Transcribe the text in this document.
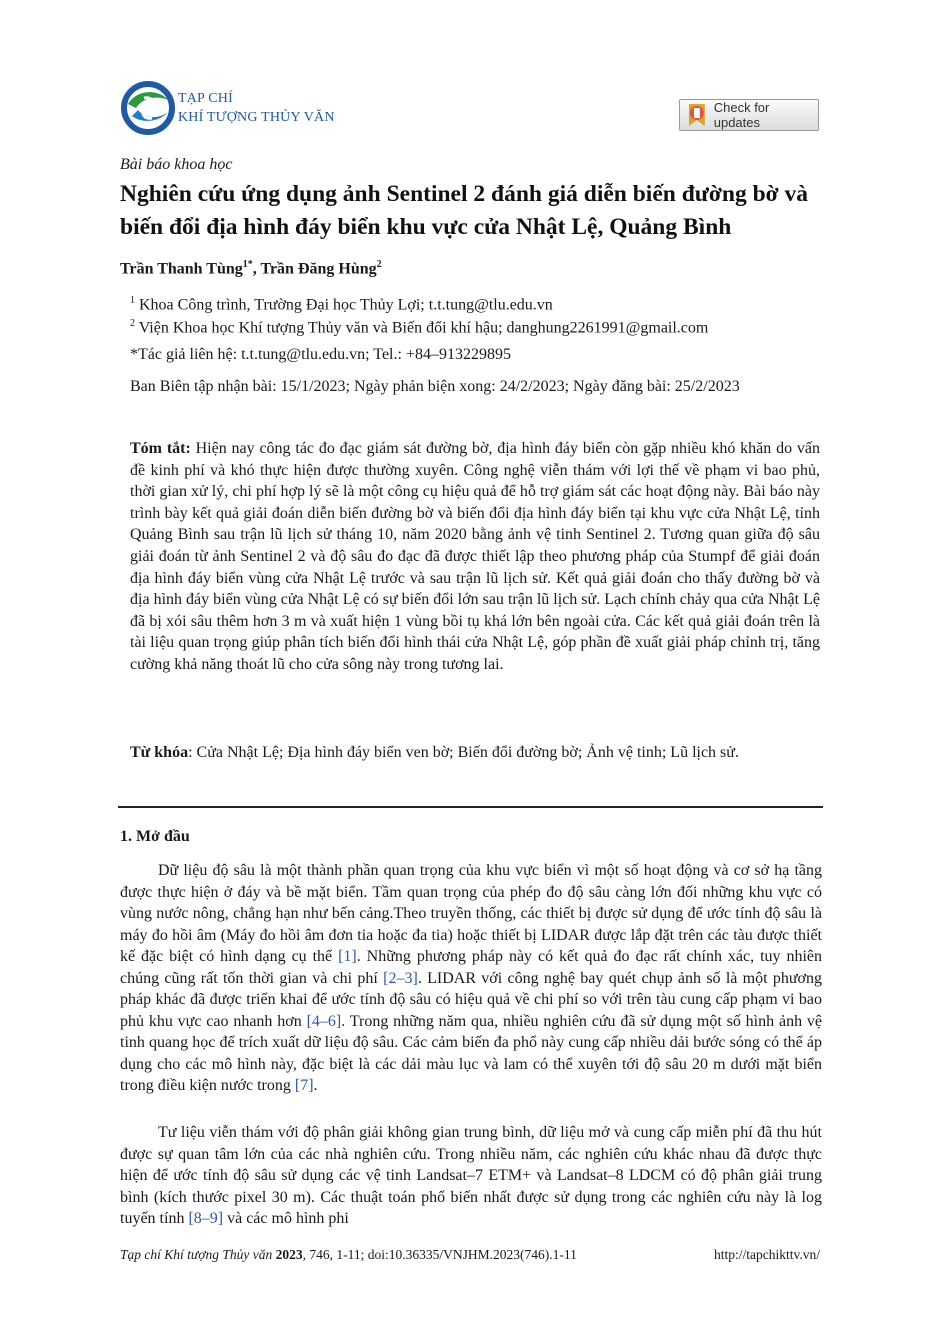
TẠP CHÍ
KHÍ TƯỢNG THỦY VĂN
Check for updates
Bài báo khoa học
Nghiên cứu ứng dụng ảnh Sentinel 2 đánh giá diễn biến đường bờ và biến đổi địa hình đáy biển khu vực cửa Nhật Lệ, Quảng Bình
Trần Thanh Tùng$^{1*}$, Trần Đăng Hùng$^2$
$^1$ Khoa Công trình, Trường Đại học Thủy Lợi; t.t.tung@tlu.edu.vn
$^2$ Viện Khoa học Khí tượng Thủy văn và Biến đổi khí hậu; danghung2261991@gmail.com
*Tác giả liên hệ: t.t.tung@tlu.edu.vn; Tel.: +84–913229895
Ban Biên tập nhận bài: 15/1/2023; Ngày phản biện xong: 24/2/2023; Ngày đăng bài: 25/2/2023
Tóm tắt: Hiện nay công tác đo đạc giám sát đường bờ, địa hình đáy biển còn gặp nhiều khó khăn do vấn đề kinh phí và khó thực hiện được thường xuyên. Công nghệ viễn thám với lợi thế về phạm vi bao phủ, thời gian xử lý, chi phí hợp lý sẽ là một công cụ hiệu quả để hỗ trợ giám sát các hoạt động này. Bài báo này trình bày kết quả giải đoán diễn biến đường bờ và biến đổi địa hình đáy biển tại khu vực cửa Nhật Lệ, tỉnh Quảng Bình sau trận lũ lịch sử tháng 10, năm 2020 bằng ảnh vệ tinh Sentinel 2. Tương quan giữa độ sâu giải đoán từ ảnh Sentinel 2 và độ sâu đo đạc đã được thiết lập theo phương pháp của Stumpf để giải đoán địa hình đáy biển vùng cửa Nhật Lệ trước và sau trận lũ lịch sử. Kết quả giải đoán cho thấy đường bờ và địa hình đáy biển vùng cửa Nhật Lệ có sự biến đổi lớn sau trận lũ lịch sử. Lạch chính chảy qua cửa Nhật Lệ đã bị xói sâu thêm hơn 3 m và xuất hiện 1 vùng bồi tụ khá lớn bên ngoài cửa. Các kết quả giải đoán trên là tài liệu quan trọng giúp phân tích biến đổi hình thái cửa Nhật Lệ, góp phần đề xuất giải pháp chỉnh trị, tăng cường khả năng thoát lũ cho cửa sông này trong tương lai.
Từ khóa: Cửa Nhật Lệ; Địa hình đáy biển ven bờ; Biến đổi đường bờ; Ảnh vệ tinh; Lũ lịch sử.
1. Mở đầu
Dữ liệu độ sâu là một thành phần quan trọng của khu vực biển vì một số hoạt động và cơ sở hạ tầng được thực hiện ở đáy và bề mặt biển. Tầm quan trọng của phép đo độ sâu càng lớn đối những khu vực có vùng nước nông, chẳng hạn như bến cảng.Theo truyền thống, các thiết bị được sử dụng để ước tính độ sâu là máy đo hồi âm (Máy đo hồi âm đơn tia hoặc đa tia) hoặc thiết bị LIDAR được lắp đặt trên các tàu được thiết kế đặc biệt có hình dạng cụ thể [1]. Những phương pháp này có kết quả đo đạc rất chính xác, tuy nhiên chúng cũng rất tốn thời gian và chi phí [2–3]. LIDAR với công nghệ bay quét chụp ảnh số là một phương pháp khác đã được triển khai để ước tính độ sâu có hiệu quả về chi phí so với trên tàu cung cấp phạm vi bao phủ khu vực cao nhanh hơn [4–6]. Trong những năm qua, nhiều nghiên cứu đã sử dụng một số hình ảnh vệ tinh quang học để trích xuất dữ liệu độ sâu. Các cảm biến đa phổ này cung cấp nhiều dải bước sóng có thể áp dụng cho các mô hình này, đặc biệt là các dải màu lục và lam có thể xuyên tới độ sâu 20 m dưới mặt biển trong điều kiện nước trong [7].
Tư liệu viễn thám với độ phân giải không gian trung bình, dữ liệu mở và cung cấp miễn phí đã thu hút được sự quan tâm lớn của các nhà nghiên cứu. Trong nhiều năm, các nghiên cứu khác nhau đã được thực hiện để ước tính độ sâu sử dụng các vệ tinh Landsat–7 ETM+ và Landsat–8 LDCM có độ phân giải trung bình (kích thước pixel 30 m). Các thuật toán phổ biến nhất được sử dụng trong các nghiên cứu này là log tuyến tính [8–9] và các mô hình phi
Tạp chí Khí tượng Thủy văn 2023, 746, 1-11; doi:10.36335/VNJHM.2023(746).1-11	http://tapchikttv.vn/
